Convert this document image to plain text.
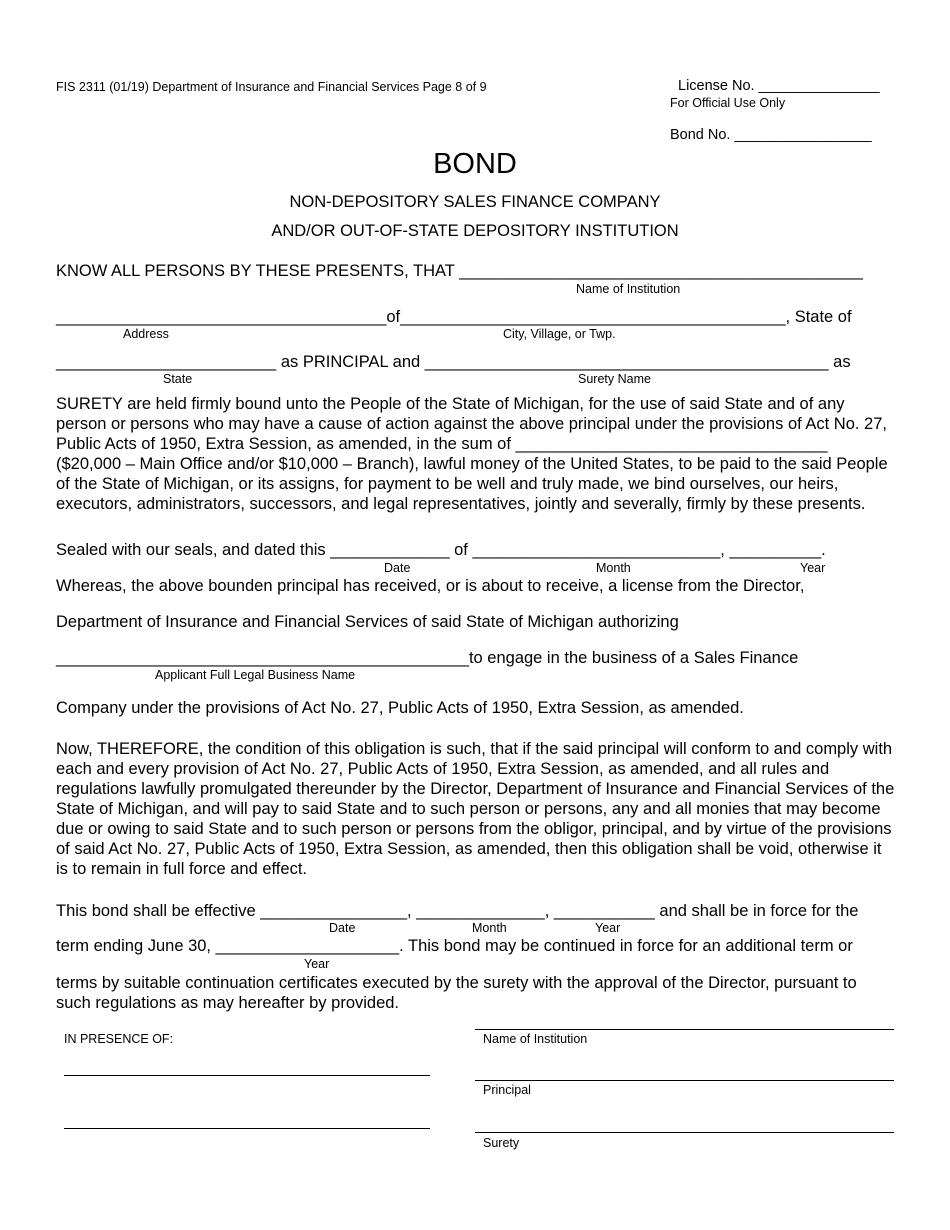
FIS 2311 (01/19) Department of Insurance and Financial Services Page 8 of 9	License No. _______________
For Official Use Only
Bond No. _________________
BOND
NON-DEPOSITORY SALES FINANCE COMPANY
AND/OR OUT-OF-STATE DEPOSITORY INSTITUTION
KNOW ALL PERSONS BY THESE PRESENTS, THAT ____________________________________________
Name of Institution
____________________________________of__________________________________________, State of
Address	City, Village, or Twp.
________________________ as PRINCIPAL and ____________________________________________ as
State	Surety Name
SURETY are held firmly bound unto the People of the State of Michigan, for the use of said State and of any person or persons who may have a cause of action against the above principal under the provisions of Act No. 27, Public Acts of 1950, Extra Session, as amended, in the sum of __________________________________ ($20,000 – Main Office and/or $10,000 – Branch), lawful money of the United States, to be paid to the said People of the State of Michigan, or its assigns, for payment to be well and truly made, we bind ourselves, our heirs, executors, administrators, successors, and legal representatives, jointly and severally, firmly by these presents.
Sealed with our seals, and dated this _____________ of ___________________________, __________.
Date	Month	Year
Whereas, the above bounden principal has received, or is about to receive, a license from the Director,
Department of Insurance and Financial Services of said State of Michigan authorizing
_____________________________________________to engage in the business of a Sales Finance
Applicant Full Legal Business Name
Company under the provisions of Act No. 27, Public Acts of 1950, Extra Session, as amended.
Now, THEREFORE, the condition of this obligation is such, that if the said principal will conform to and comply with each and every provision of Act No. 27, Public Acts of 1950, Extra Session, as amended, and all rules and regulations lawfully promulgated thereunder by the Director, Department of Insurance and Financial Services of the State of Michigan, and will pay to said State and to such person or persons, any and all monies that may become due or owing to said State and to such person or persons from the obligor, principal, and by virtue of the provisions of said Act No. 27, Public Acts of 1950, Extra Session, as amended, then this obligation shall be void, otherwise it is to remain in full force and effect.
This bond shall be effective ________________, ______________, ___________ and shall be in force for the
Date	Month	Year
term ending June 30, ____________________. This bond may be continued in force for an additional term or
Year
terms by suitable continuation certificates executed by the surety with the approval of the Director, pursuant to such regulations as may hereafter by provided.
IN PRESENCE OF:	Name of Institution
Principal
Surety
